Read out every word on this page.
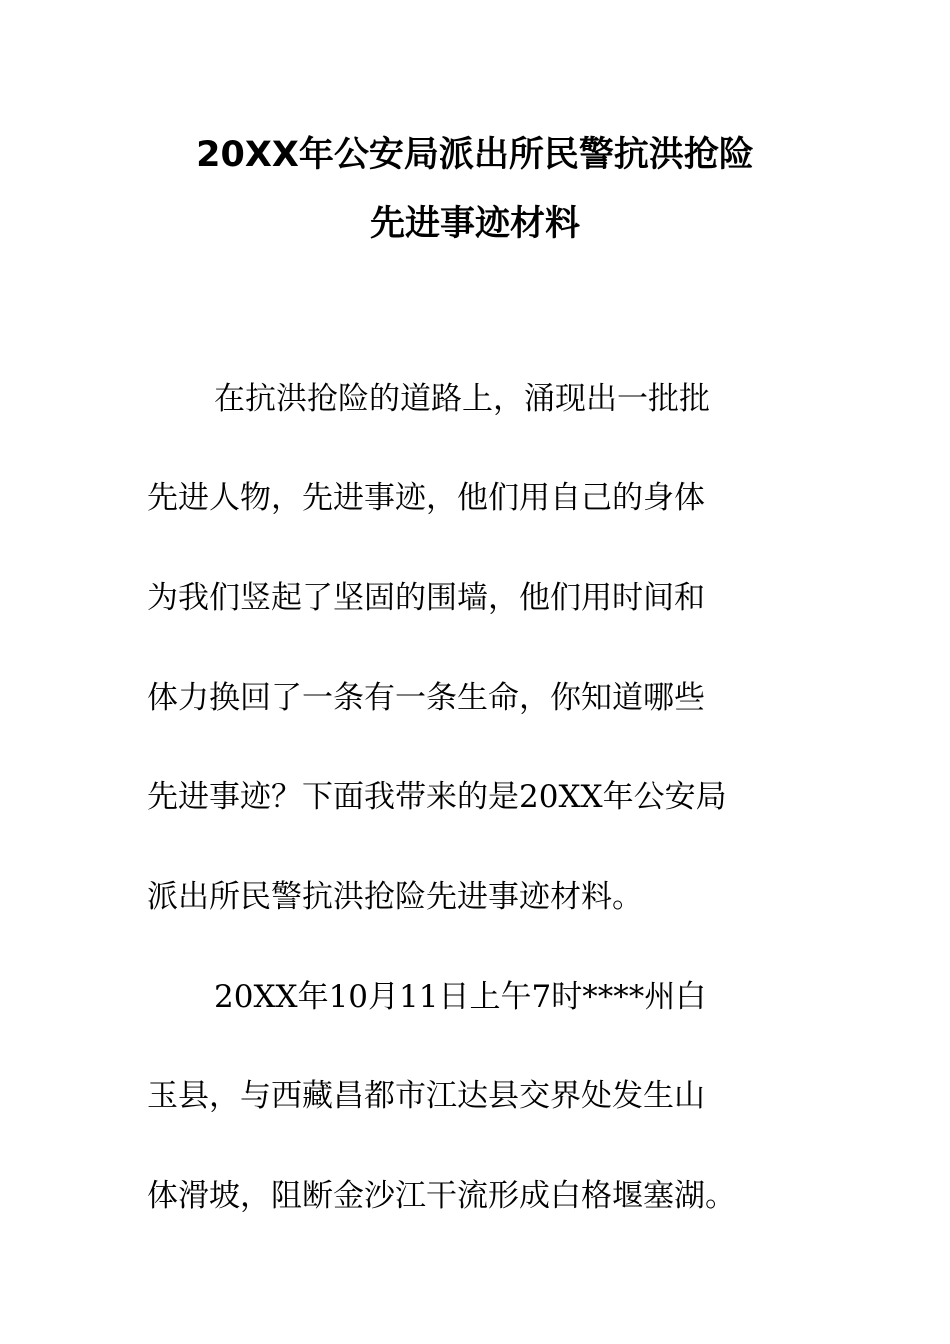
20XX年公安局派出所民警抗洪抢险
先进事迹材料
在抗洪抢险的道路上，涌现出一批批
先进人物，先进事迹，他们用自己的身体
为我们竖起了坚固的围墙，他们用时间和
体力换回了一条有一条生命，你知道哪些
先进事迹？下面我带来的是20XX年公安局
派出所民警抗洪抢险先进事迹材料。
20XX年10月11日上午7时****州白
玉县，与西藏昌都市江达县交界处发生山
体滑坡，阻断金沙江干流形成白格堰塞湖。
